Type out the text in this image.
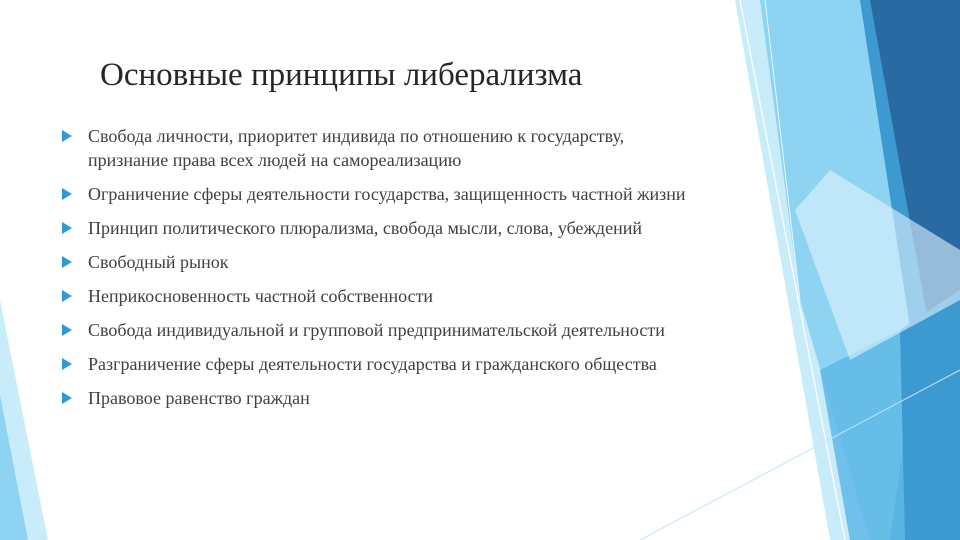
Основные принципы либерализма
Свобода личности, приоритет индивида по отношению к государству, признание права всех людей на самореализацию
Ограничение сферы деятельности государства, защищенность частной жизни
Принцип политического плюрализма, свобода мысли, слова, убеждений
Свободный рынок
Неприкосновенность частной собственности
Свобода индивидуальной и групповой предпринимательской деятельности
Разграничение сферы деятельности государства и гражданского общества
Правовое равенство граждан
